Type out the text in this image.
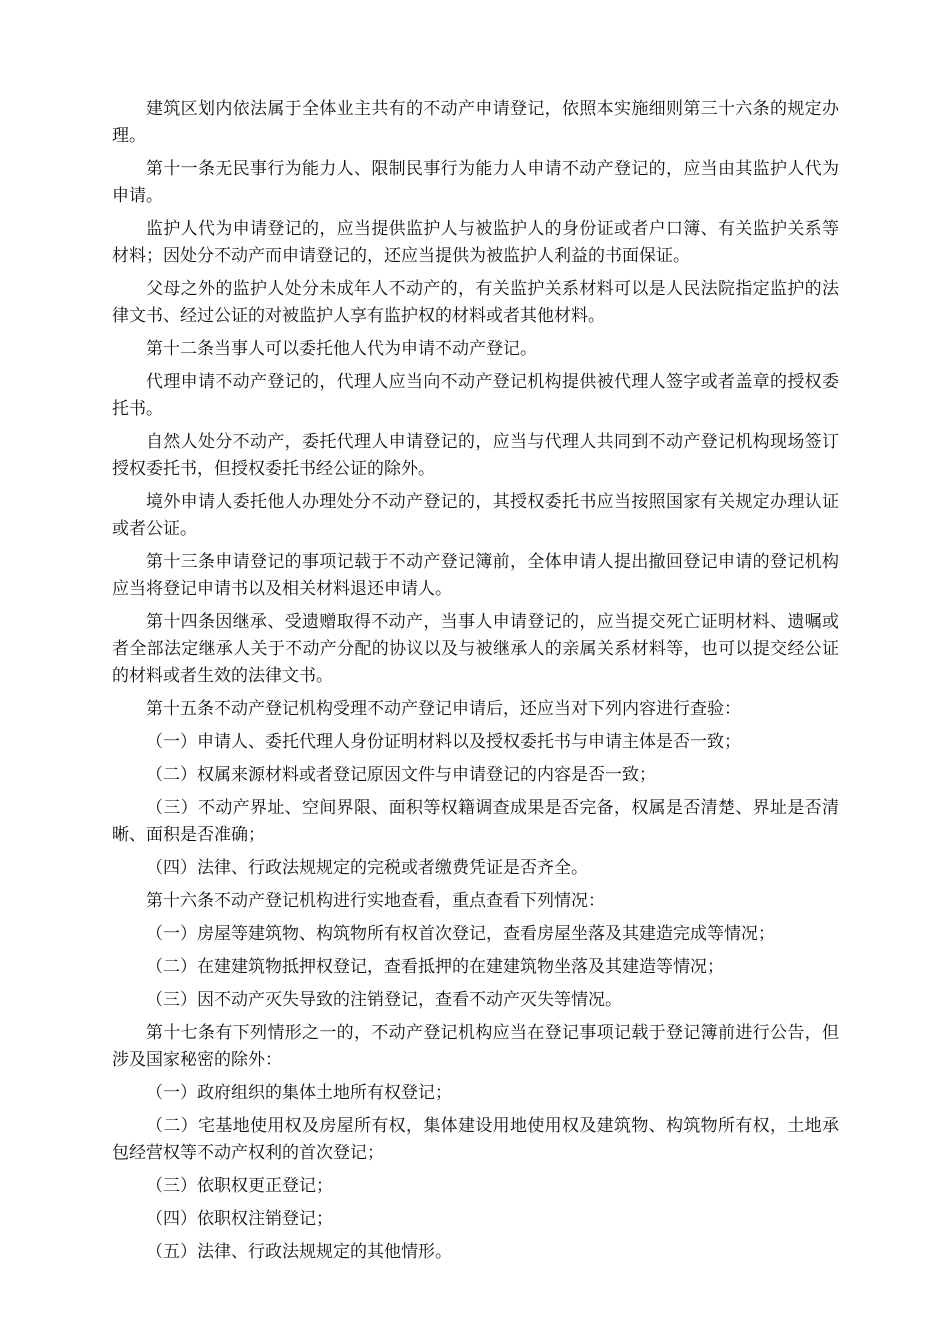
建筑区划内依法属于全体业主共有的不动产申请登记，依照本实施细则第三十六条的规定办理。

第十一条无民事行为能力人、限制民事行为能力人申请不动产登记的，应当由其监护人代为申请。

监护人代为申请登记的，应当提供监护人与被监护人的身份证或者户口簿、有关监护关系等材料；因处分不动产而申请登记的，还应当提供为被监护人利益的书面保证。

父母之外的监护人处分未成年人不动产的，有关监护关系材料可以是人民法院指定监护的法律文书、经过公证的对被监护人享有监护权的材料或者其他材料。

第十二条当事人可以委托他人代为申请不动产登记。

代理申请不动产登记的，代理人应当向不动产登记机构提供被代理人签字或者盖章的授权委托书。

自然人处分不动产，委托代理人申请登记的，应当与代理人共同到不动产登记机构现场签订授权委托书，但授权委托书经公证的除外。

境外申请人委托他人办理处分不动产登记的，其授权委托书应当按照国家有关规定办理认证或者公证。

第十三条申请登记的事项记载于不动产登记簿前，全体申请人提出撤回登记申请的登记机构应当将登记申请书以及相关材料退还申请人。

第十四条因继承、受遗赠取得不动产，当事人申请登记的，应当提交死亡证明材料、遗嘱或者全部法定继承人关于不动产分配的协议以及与被继承人的亲属关系材料等，也可以提交经公证的材料或者生效的法律文书。

第十五条不动产登记机构受理不动产登记申请后，还应当对下列内容进行查验：

（一）申请人、委托代理人身份证明材料以及授权委托书与申请主体是否一致；

（二）权属来源材料或者登记原因文件与申请登记的内容是否一致；

（三）不动产界址、空间界限、面积等权籍调查成果是否完备，权属是否清楚、界址是否清晰、面积是否准确；

（四）法律、行政法规规定的完税或者缴费凭证是否齐全。

第十六条不动产登记机构进行实地查看，重点查看下列情况：

（一）房屋等建筑物、构筑物所有权首次登记，查看房屋坐落及其建造完成等情况；

（二）在建建筑物抵押权登记，查看抵押的在建建筑物坐落及其建造等情况；

（三）因不动产灭失导致的注销登记，查看不动产灭失等情况。

第十七条有下列情形之一的，不动产登记机构应当在登记事项记载于登记簿前进行公告，但涉及国家秘密的除外：

（一）政府组织的集体土地所有权登记；

（二）宅基地使用权及房屋所有权，集体建设用地使用权及建筑物、构筑物所有权，土地承包经营权等不动产权利的首次登记；

（三）依职权更正登记；

（四）依职权注销登记；

（五）法律、行政法规规定的其他情形。
